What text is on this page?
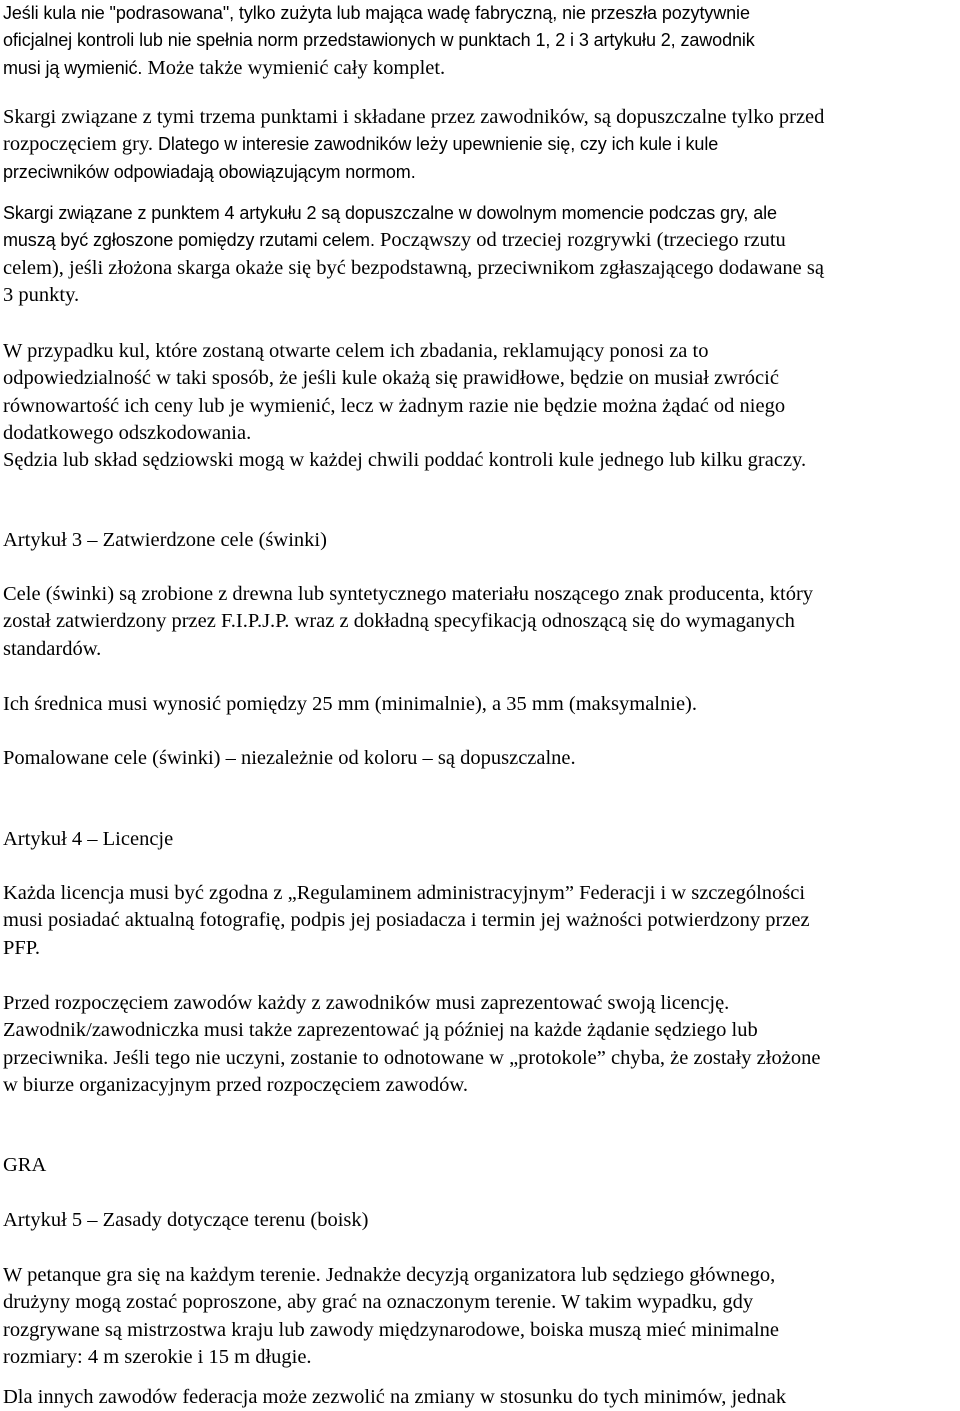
Jeśli kula nie "podrasowana", tylko zużyta lub mająca wadę fabryczną, nie przeszła pozytywnie
oficjalnej kontroli lub nie spełnia norm przedstawionych w punktach 1, 2 i 3 artykułu 2, zawodnik
musi ją wymienić. Może także wymienić cały komplet.
Skargi związane z tymi trzema punktami i składane przez zawodników, są dopuszczalne tylko przed
rozpoczęciem gry. Dlatego w interesie zawodników leży upewnienie się, czy ich kule i kule
przeciwników odpowiadają obowiązującym normom.
Skargi związane z punktem 4 artykułu 2 są dopuszczalne w dowolnym momencie podczas gry, ale
muszą być zgłoszone pomiędzy rzutami celem. Począwszy od trzeciej rozgrywki (trzeciego rzutu
celem), jeśli złożona skarga okaże się być bezpodstawną, przeciwnikom zgłaszającego dodawane są
3 punkty.
W przypadku kul, które zostaną otwarte celem ich zbadania, reklamujący ponosi za to
odpowiedzialność w taki sposób, że jeśli kule okażą się prawidłowe, będzie on musiał zwrócić
równowartość ich ceny lub je wymienić, lecz w żadnym razie nie będzie można żądać od niego
dodatkowego odszkodowania.
Sędzia lub skład sędziowski mogą w każdej chwili poddać kontroli kule jednego lub kilku graczy.
Artykuł 3 – Zatwierdzone cele (świnki)
Cele (świnki) są zrobione z drewna lub syntetycznego materiału noszącego znak producenta, który
został zatwierdzony przez F.I.P.J.P. wraz z dokładną specyfikacją odnoszącą się do wymaganych
standardów.
Ich średnica musi wynosić pomiędzy 25 mm (minimalnie), a 35 mm (maksymalnie).
Pomalowane cele (świnki) – niezależnie od koloru – są dopuszczalne.
Artykuł 4 – Licencje
Każda licencja musi być zgodna z „Regulaminem administracyjnym” Federacji i w szczególności
musi posiadać aktualną fotografię, podpis jej posiadacza i termin jej ważności potwierdzony przez
PFP.
Przed rozpoczęciem zawodów każdy z zawodników musi zaprezentować swoją licencję.
Zawodnik/zawodniczka musi także zaprezentować ją później na każde żądanie sędziego lub
przeciwnika. Jeśli tego nie uczyni, zostanie to odnotowane w „protokole” chyba, że zostały złożone
w biurze organizacyjnym przed rozpoczęciem zawodów.
GRA
Artykuł 5 – Zasady dotyczące terenu (boisk)
W petanque gra się na każdym terenie. Jednakże decyzją organizatora lub sędziego głównego,
drużyny mogą zostać poproszone, aby grać na oznaczonym terenie. W takim wypadku, gdy
rozgrywane są mistrzostwa kraju lub zawody międzynarodowe, boiska muszą mieć minimalne
rozmiary: 4 m szerokie i 15 m długie.
Dla innych zawodów federacja może zezwolić na zmiany w stosunku do tych minimów, jednak
